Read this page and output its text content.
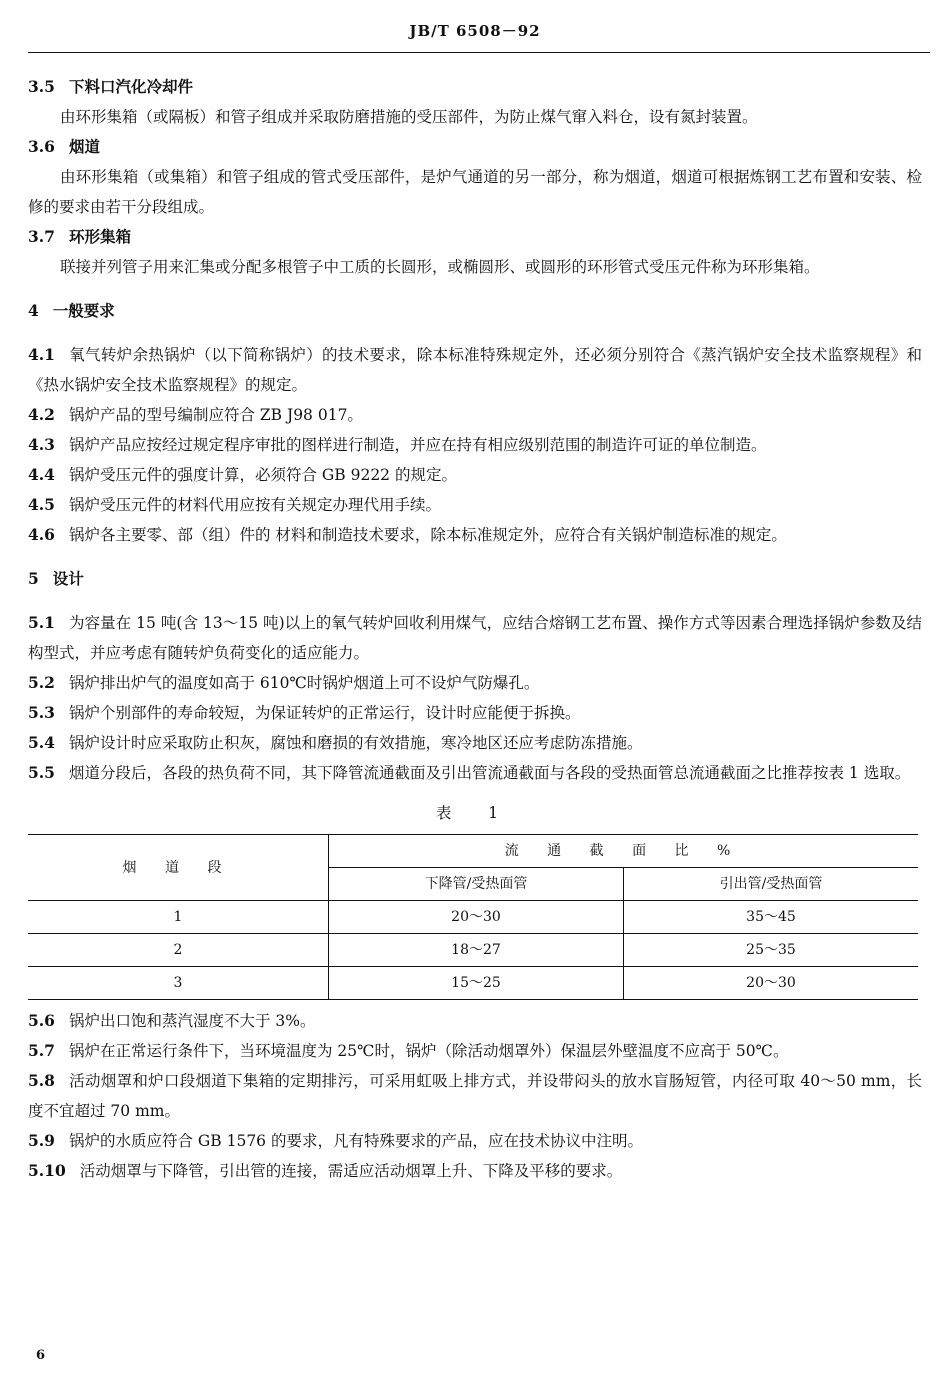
JB/T 6508－92

3.5 下料口汽化冷却件

由环形集箱（或隔板）和管子组成并采取防磨措施的受压部件，为防止煤气窜入料仓，设有氮封装置。

3.6 烟道

由环形集箱（或集箱）和管子组成的管式受压部件，是炉气通道的另一部分，称为烟道，烟道可根据炼钢工艺布置和安装、检修的要求由若干分段组成。

3.7 环形集箱

联接并列管子用来汇集或分配多根管子中工质的长圆形，或椭圆形、或圆形的环形管式受压元件称为环形集箱。

4 一般要求

4.1 氧气转炉余热锅炉（以下简称锅炉）的技术要求，除本标准特殊规定外，还必须分别符合《蒸汽锅炉安全技术监察规程》和《热水锅炉安全技术监察规程》的规定。

4.2 锅炉产品的型号编制应符合 ZB J98 017。

4.3 锅炉产品应按经过规定程序审批的图样进行制造，并应在持有相应级别范围的制造许可证的单位制造。

4.4 锅炉受压元件的强度计算，必须符合 GB 9222 的规定。

4.5 锅炉受压元件的材料代用应按有关规定办理代用手续。

4.6 锅炉各主要零、部（组）件的 材料和制造技术要求，除本标准规定外，应符合有关锅炉制造标准的规定。

5 设计

5.1 为容量在 15 吨(含 13～15 吨)以上的氧气转炉回收利用煤气，应结合熔钢工艺布置、操作方式等因素合理选择锅炉参数及结构型式，并应考虑有随转炉负荷变化的适应能力。

5.2 锅炉排出炉气的温度如高于 610℃时锅炉烟道上可不设炉气防爆孔。

5.3 锅炉个别部件的寿命较短，为保证转炉的正常运行，设计时应能便于拆换。

5.4 锅炉设计时应采取防止积灰，腐蚀和磨损的有效措施，寒冷地区还应考虑防冻措施。

5.5 烟道分段后，各段的热负荷不同，其下降管流通截面及引出管流通截面与各段的受热面管总流通截面之比推荐按表 1 选取。

表 1
烟 道 段	流 通 截 面 比 %	
	下降管/受热面管	引出管/受热面管
1	20～30	35～45
2	18～27	25～35
3	15～25	20～30

5.6 锅炉出口饱和蒸汽湿度不大于 3%。

5.7 锅炉在正常运行条件下，当环境温度为 25℃时，锅炉（除活动烟罩外）保温层外壁温度不应高于 50℃。

5.8 活动烟罩和炉口段烟道下集箱的定期排污，可采用虹吸上排方式，并设带闷头的放水盲肠短管，内径可取 40～50 mm，长度不宜超过 70 mm。

5.9 锅炉的水质应符合 GB 1576 的要求，凡有特殊要求的产品，应在技术协议中注明。

5.10 活动烟罩与下降管，引出管的连接，需适应活动烟罩上升、下降及平移的要求。

6
